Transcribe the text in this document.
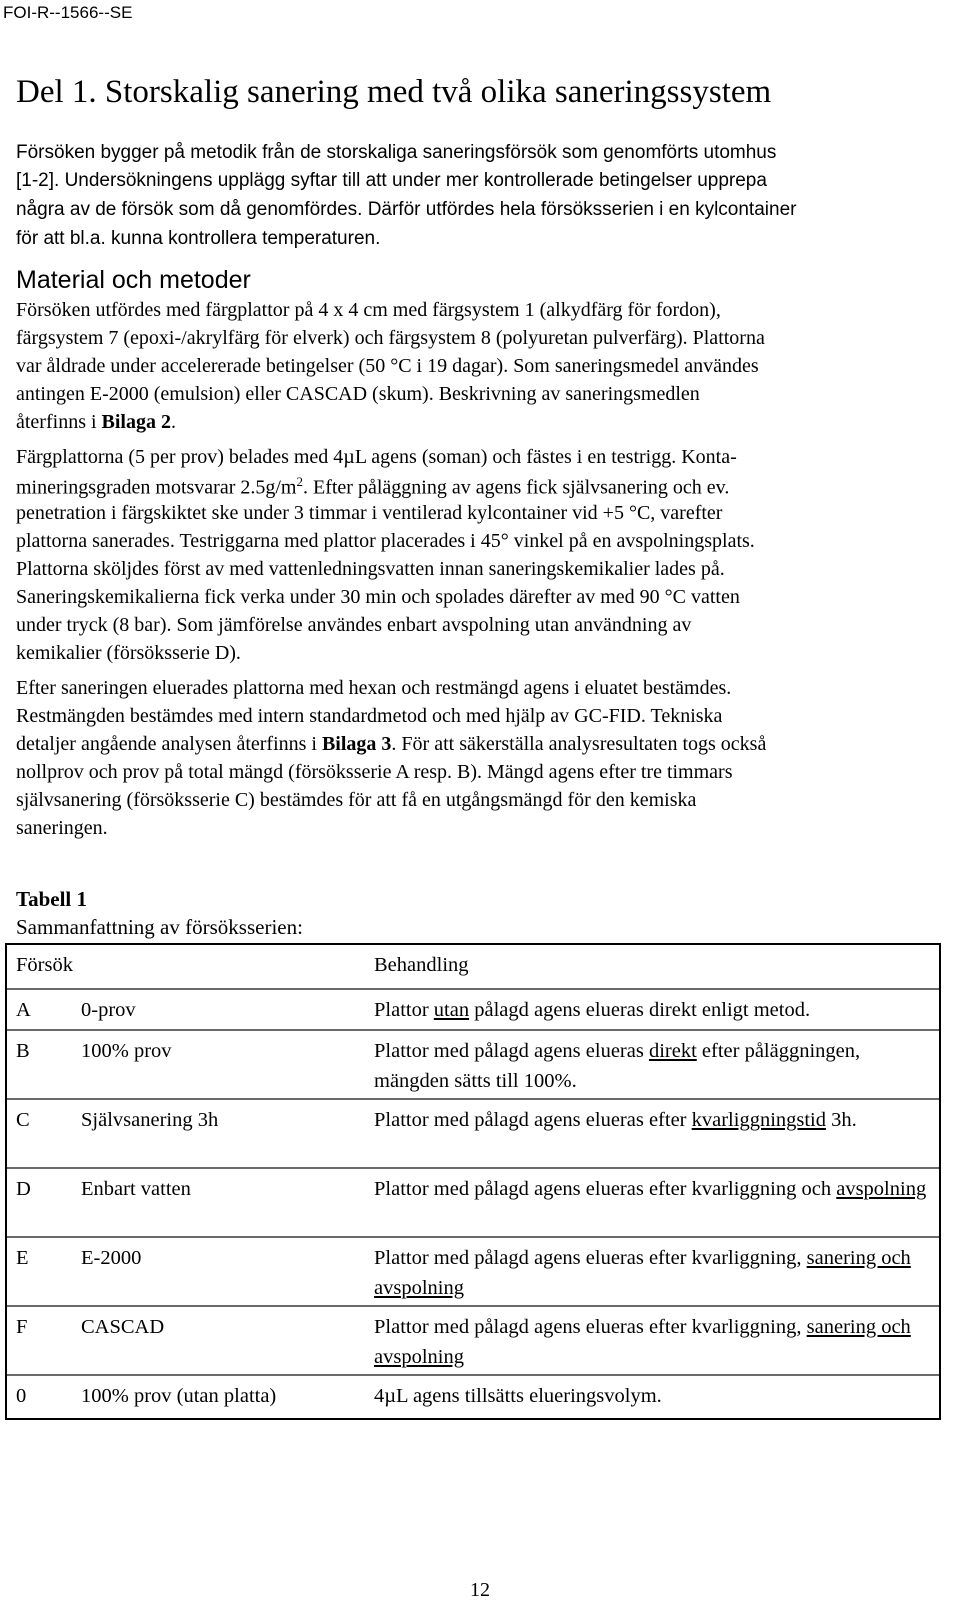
FOI-R--1566--SE
Del 1. Storskalig sanering med två olika saneringssystem
Försöken bygger på metodik från de storskaliga saneringsförsök som genomförts utomhus
[1-2]. Undersökningens upplägg syftar till att under mer kontrollerade betingelser upprepa
några av de försök som då genomfördes. Därför utfördes hela försöksserien i en kylcontainer
för att bl.a. kunna kontrollera temperaturen.
Material och metoder
Försöken utfördes med färgplattor på 4 x 4 cm med färgsystem 1 (alkydfärg för fordon),
färgsystem 7 (epoxi-/akrylfärg för elverk) och färgsystem 8 (polyuretan pulverfärg). Plattorna
var åldrade under accelererade betingelser (50 °C i 19 dagar). Som saneringsmedel användes
antingen E-2000 (emulsion) eller CASCAD (skum). Beskrivning av saneringsmedlen
återfinns i Bilaga 2.
Färgplattorna (5 per prov) belades med 4µL agens (soman) och fästes i en testrigg. Konta-
mineringsgraden motsvarar $2.5g/m^2$. Efter påläggning av agens fick självsanering och ev.
penetration i färgskiktet ske under 3 timmar i ventilerad kylcontainer vid +5 °C, varefter
plattorna sanerades. Testriggarna med plattor placerades i 45° vinkel på en avspolningsplats.
Plattorna sköljdes först av med vattenledningsvatten innan saneringskemikalier lades på.
Saneringskemikalierna fick verka under 30 min och spolades därefter av med 90 °C vatten
under tryck (8 bar). Som jämförelse användes enbart avspolning utan användning av
kemikalier (försöksserie D).
Efter saneringen eluerades plattorna med hexan och restmängd agens i eluatet bestämdes.
Restmängden bestämdes med intern standardmetod och med hjälp av GC-FID. Tekniska
detaljer angående analysen återfinns i Bilaga 3. För att säkerställa analysresultaten togs också
nollprov och prov på total mängd (försöksserie A resp. B). Mängd agens efter tre timmars
självsanering (försöksserie C) bestämdes för att få en utgångsmängd för den kemiska
saneringen.
Tabell 1
Sammanfattning av försöksserien:
Försök		Behandling
A	0-prov	Plattor utan pålagd agens elueras direkt enligt metod.
B	100% prov	Plattor med pålagd agens elueras direkt efter påläggningen, mängden sätts till 100%.
C	Självsanering 3h	Plattor med pålagd agens elueras efter kvarliggningstid 3h.
D	Enbart vatten	Plattor med pålagd agens elueras efter kvarliggning och avspolning
E	E-2000	Plattor med pålagd agens elueras efter kvarliggning, sanering och avspolning
F	CASCAD	Plattor med pålagd agens elueras efter kvarliggning, sanering och avspolning
0	100% prov (utan platta)	4µL agens tillsätts elueringsvolym.
12
